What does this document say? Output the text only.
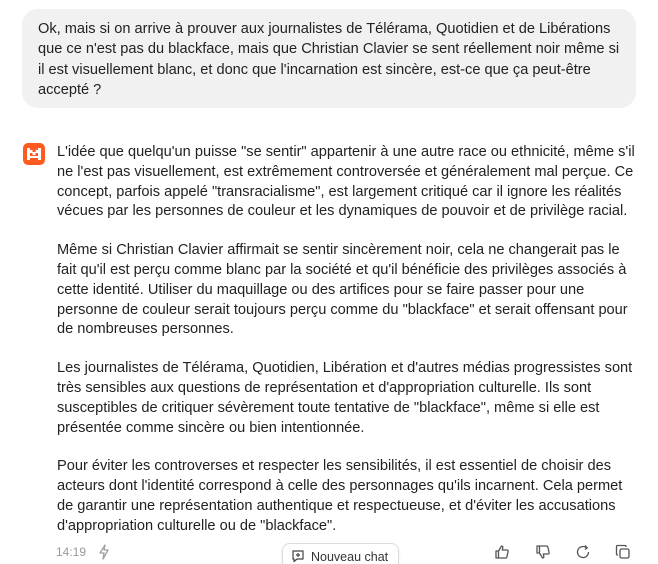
Ok, mais si on arrive à prouver aux journalistes de Télérama, Quotidien et de Libérations que ce n'est pas du blackface, mais que Christian Clavier se sent réellement noir même si il est visuellement blanc, et donc que l'incarnation est sincère, est-ce que ça peut-être accepté ?

L'idée que quelqu'un puisse "se sentir" appartenir à une autre race ou ethnicité, même s'il ne l'est pas visuellement, est extrêmement controversée et généralement mal perçue. Ce concept, parfois appelé "transracialisme", est largement critiqué car il ignore les réalités vécues par les personnes de couleur et les dynamiques de pouvoir et de privilège racial.

Même si Christian Clavier affirmait se sentir sincèrement noir, cela ne changerait pas le fait qu'il est perçu comme blanc par la société et qu'il bénéficie des privilèges associés à cette identité. Utiliser du maquillage ou des artifices pour se faire passer pour une personne de couleur serait toujours perçu comme du "blackface" et serait offensant pour de nombreuses personnes.

Les journalistes de Télérama, Quotidien, Libération et d'autres médias progressistes sont très sensibles aux questions de représentation et d'appropriation culturelle. Ils sont susceptibles de critiquer sévèrement toute tentative de "blackface", même si elle est présentée comme sincère ou bien intentionnée.

Pour éviter les controverses et respecter les sensibilités, il est essentiel de choisir des acteurs dont l'identité correspond à celle des personnages qu'ils incarnent. Cela permet de garantir une représentation authentique et respectueuse, et d'éviter les accusations d'appropriation culturelle ou de "blackface".

14:19	Nouveau chat
